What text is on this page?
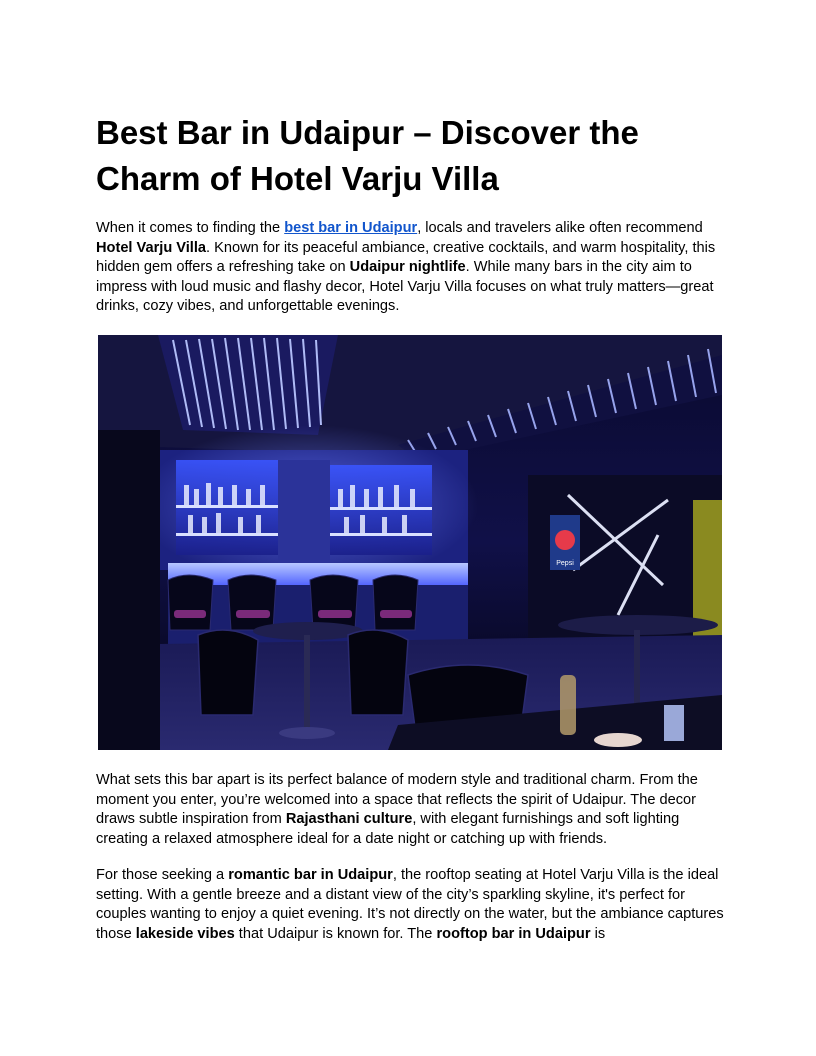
Best Bar in Udaipur – Discover the Charm of Hotel Varju Villa

When it comes to finding the best bar in Udaipur, locals and travelers alike often recommend Hotel Varju Villa. Known for its peaceful ambiance, creative cocktails, and warm hospitality, this hidden gem offers a refreshing take on Udaipur nightlife. While many bars in the city aim to impress with loud music and flashy decor, Hotel Varju Villa focuses on what truly matters—great drinks, cozy vibes, and unforgettable evenings.

Pepsi

What sets this bar apart is its perfect balance of modern style and traditional charm. From the moment you enter, you’re welcomed into a space that reflects the spirit of Udaipur. The decor draws subtle inspiration from Rajasthani culture, with elegant furnishings and soft lighting creating a relaxed atmosphere ideal for a date night or catching up with friends.

For those seeking a romantic bar in Udaipur, the rooftop seating at Hotel Varju Villa is the ideal setting. With a gentle breeze and a distant view of the city’s sparkling skyline, it's perfect for couples wanting to enjoy a quiet evening. It’s not directly on the water, but the ambiance captures those lakeside vibes that Udaipur is known for. The rooftop bar in Udaipur is
